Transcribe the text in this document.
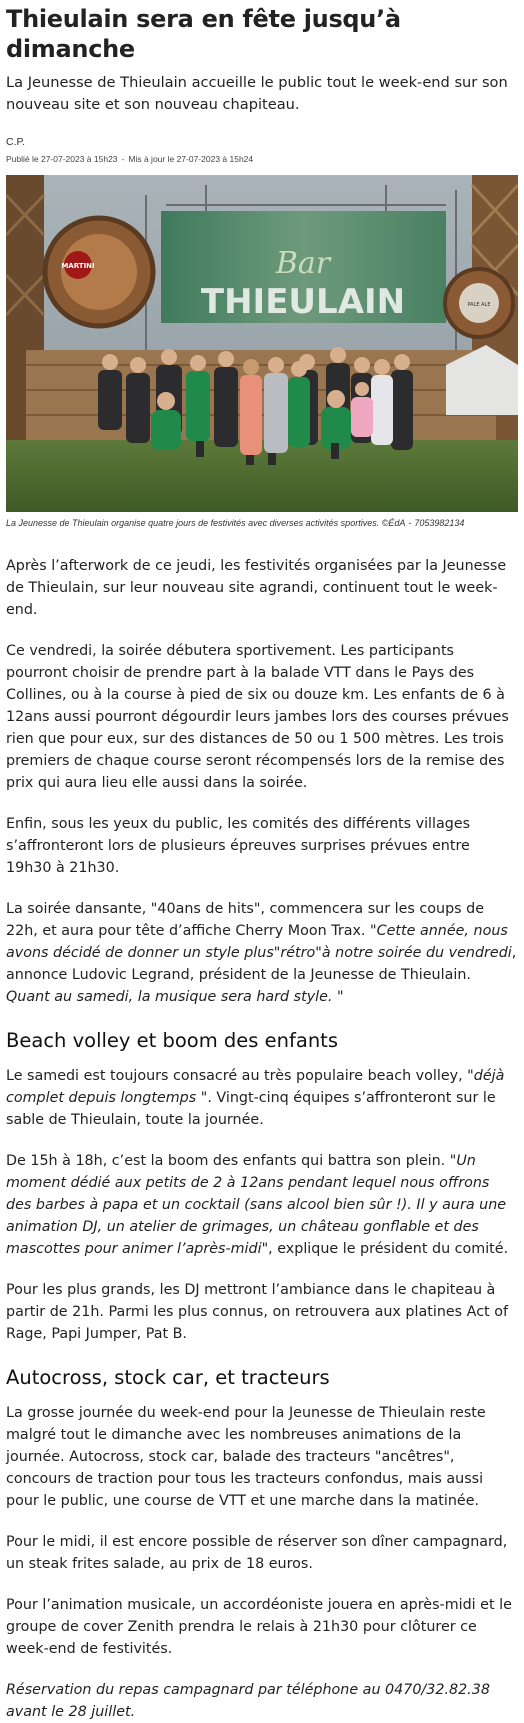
Thieulain sera en fête jusqu’à dimanche

La Jeunesse de Thieulain accueille le public tout le week-end sur son nouveau site et son nouveau chapiteau.

C.P.
Publié le 27-07-2023 à 15h23 - Mis à jour le 27-07-2023 à 15h24
Bar
THIEULAIN
MARTINI
PALE ALE
La Jeunesse de Thieulain organise quatre jours de festivités avec diverses activités sportives. ©ÉdA - 7053982134

Après l’afterwork de ce jeudi, les festivités organisées par la Jeunesse de Thieulain, sur leur nouveau site agrandi, continuent tout le week-end.

Ce vendredi, la soirée débutera sportivement. Les participants pourront choisir de prendre part à la balade VTT dans le Pays des Collines, ou à la course à pied de six ou douze km. Les enfants de 6 à 12ans aussi pourront dégourdir leurs jambes lors des courses prévues rien que pour eux, sur des distances de 50 ou 1 500 mètres. Les trois premiers de chaque course seront récompensés lors de la remise des prix qui aura lieu elle aussi dans la soirée.

Enfin, sous les yeux du public, les comités des différents villages s’affronteront lors de plusieurs épreuves surprises prévues entre 19h30 à 21h30.

La soirée dansante, "40ans de hits", commencera sur les coups de 22h, et aura pour tête d’affiche Cherry Moon Trax. "Cette année, nous avons décidé de donner un style plus"rétro"à notre soirée du vendredi, annonce Ludovic Legrand, président de la Jeunesse de Thieulain. Quant au samedi, la musique sera hard style. "

Beach volley et boom des enfants

Le samedi est toujours consacré au très populaire beach volley, "déjà complet depuis longtemps ". Vingt-cinq équipes s’affronteront sur le sable de Thieulain, toute la journée.

De 15h à 18h, c’est la boom des enfants qui battra son plein. "Un moment dédié aux petits de 2 à 12ans pendant lequel nous offrons des barbes à papa et un cocktail (sans alcool bien sûr !). Il y aura une animation DJ, un atelier de grimages, un château gonflable et des mascottes pour animer l’après-midi", explique le président du comité.

Pour les plus grands, les DJ mettront l’ambiance dans le chapiteau à partir de 21h. Parmi les plus connus, on retrouvera aux platines Act of Rage, Papi Jumper, Pat B.

Autocross, stock car, et tracteurs

La grosse journée du week-end pour la Jeunesse de Thieulain reste malgré tout le dimanche avec les nombreuses animations de la journée. Autocross, stock car, balade des tracteurs "ancêtres", concours de traction pour tous les tracteurs confondus, mais aussi pour le public, une course de VTT et une marche dans la matinée.

Pour le midi, il est encore possible de réserver son dîner campagnard, un steak frites salade, au prix de 18 euros.

Pour l’animation musicale, un accordéoniste jouera en après-midi et le groupe de cover Zenith prendra le relais à 21h30 pour clôturer ce week-end de festivités.

Réservation du repas campagnard par téléphone au 0470/32.82.38 avant le 28 juillet.
